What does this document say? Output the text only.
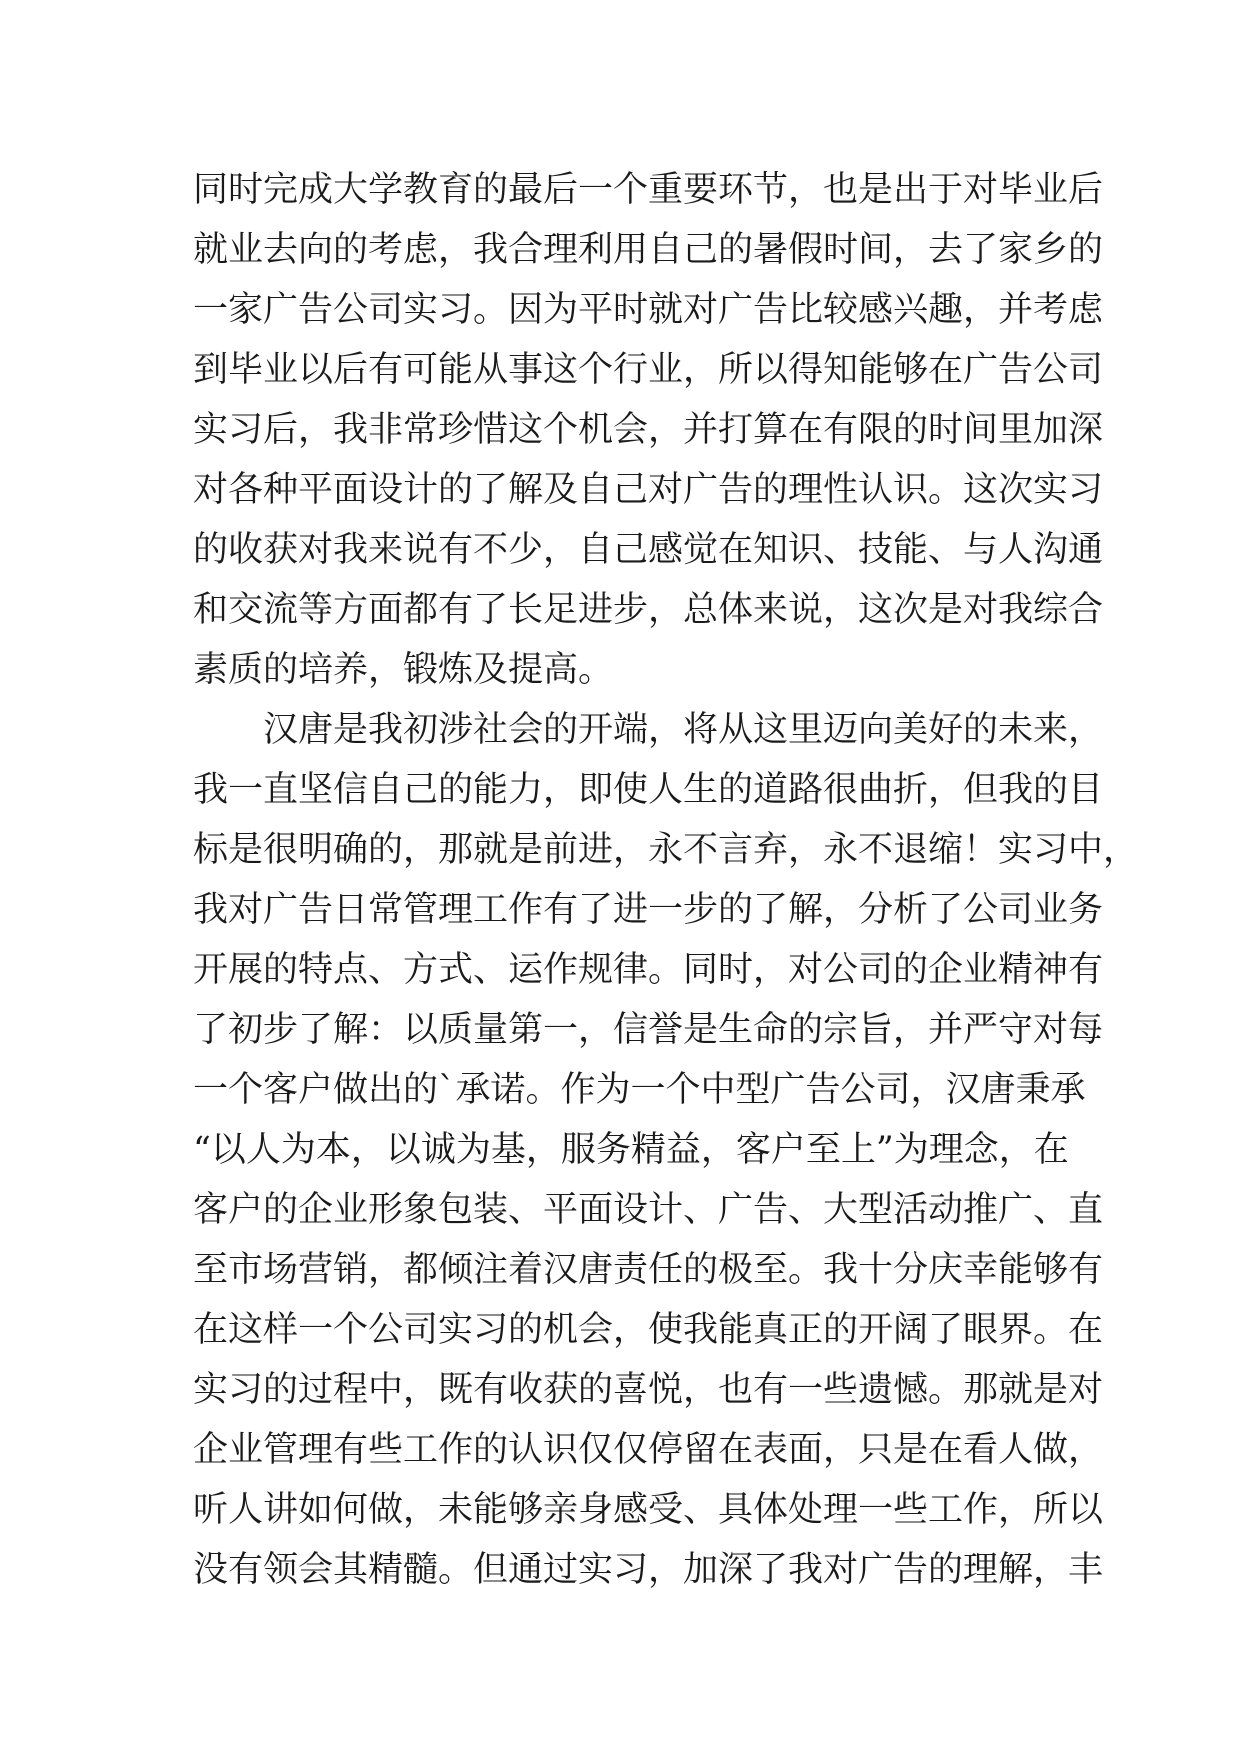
同时完成大学教育的最后一个重要环节，也是出于对毕业后
就业去向的考虑，我合理利用自己的暑假时间，去了家乡的
一家广告公司实习。因为平时就对广告比较感兴趣，并考虑
到毕业以后有可能从事这个行业，所以得知能够在广告公司
实习后，我非常珍惜这个机会，并打算在有限的时间里加深
对各种平面设计的了解及自己对广告的理性认识。这次实习
的收获对我来说有不少，自己感觉在知识、技能、与人沟通
和交流等方面都有了长足进步，总体来说，这次是对我综合
素质的培养，锻炼及提高。
汉唐是我初涉社会的开端，将从这里迈向美好的未来，
我一直坚信自己的能力，即使人生的道路很曲折，但我的目
标是很明确的，那就是前进，永不言弃，永不退缩！实习中，
我对广告日常管理工作有了进一步的了解，分析了公司业务
开展的特点、方式、运作规律。同时，对公司的企业精神有
了初步了解：以质量第一，信誉是生命的宗旨，并严守对每
一个客户做出的`承诺。作为一个中型广告公司，汉唐秉承
“以人为本，以诚为基，服务精益，客户至上”为理念，在
客户的企业形象包装、平面设计、广告、大型活动推广、直
至市场营销，都倾注着汉唐责任的极至。我十分庆幸能够有
在这样一个公司实习的机会，使我能真正的开阔了眼界。在
实习的过程中，既有收获的喜悦，也有一些遗憾。那就是对
企业管理有些工作的认识仅仅停留在表面，只是在看人做，
听人讲如何做，未能够亲身感受、具体处理一些工作，所以
没有领会其精髓。但通过实习，加深了我对广告的理解，丰
